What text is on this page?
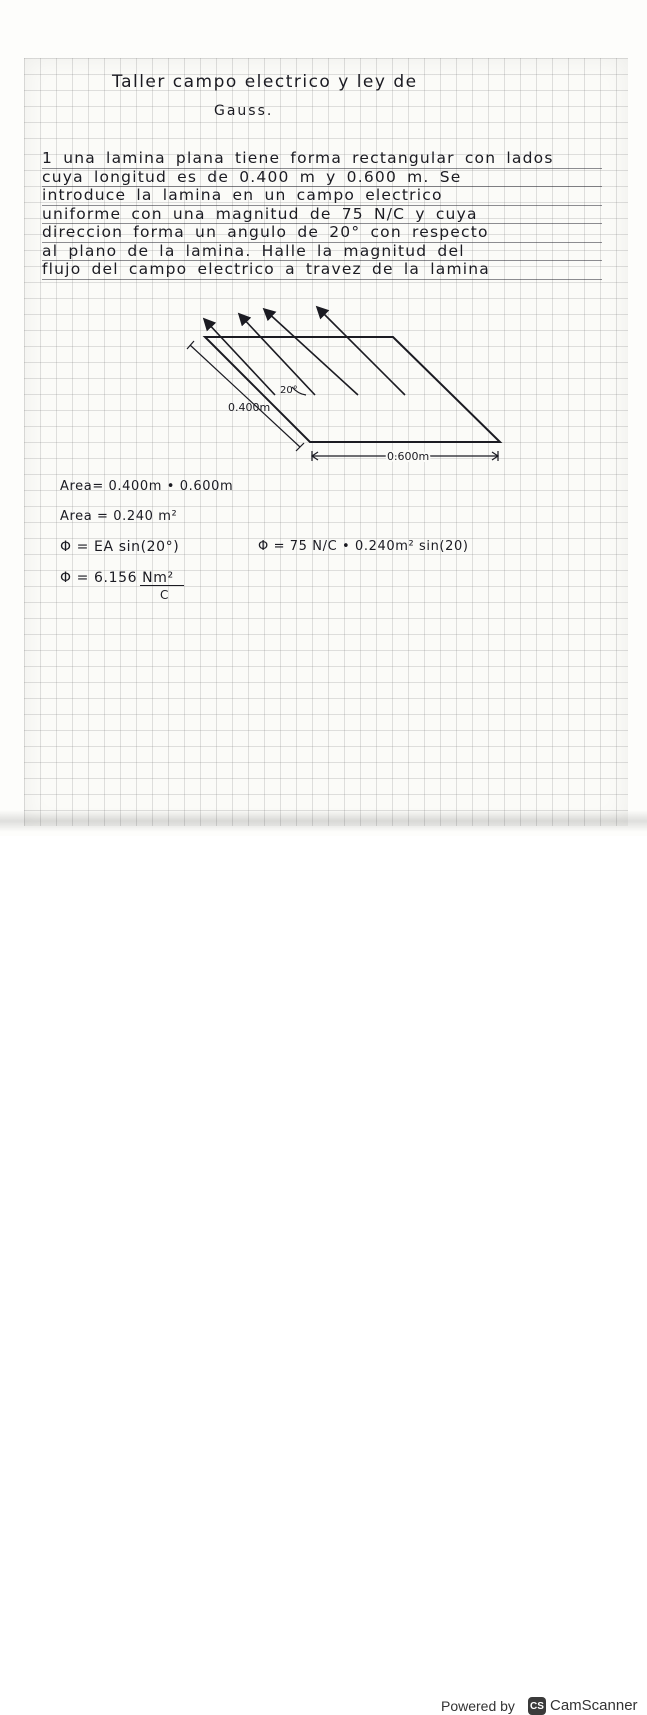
Taller campo electrico y ley de
Gauss.
1 una lamina plana tiene forma rectangular con lados
cuya longitud es de 0.400 m y 0.600 m. Se
introduce la lamina en un campo electrico
uniforme con una magnitud de 75 N/C y cuya
direccion forma un angulo de 20° con respecto
al plano de la lamina. Halle la magnitud del
flujo del campo electrico a travez de la lamina
20°
0.400m
0.600m
Area= 0.400m • 0.600m
Area = 0.240 m²
Φ = EA sin(20°)	Φ = 75 N/C • 0.240m² sin(20)
Φ = 6.156 Nm²
C
Powered by CS CamScanner
